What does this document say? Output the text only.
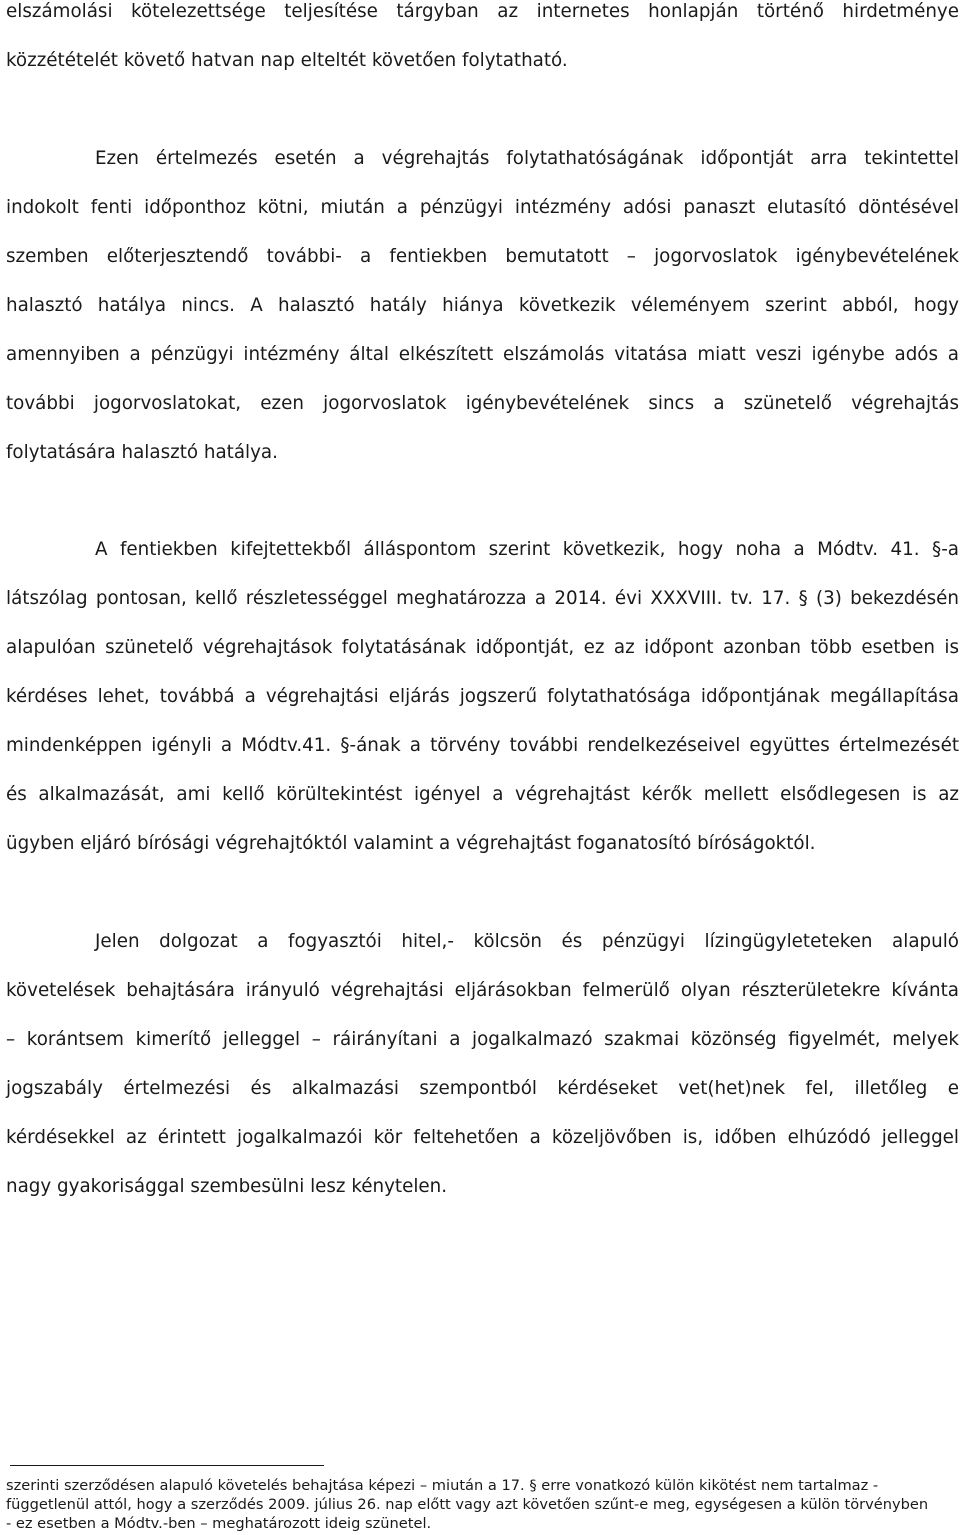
elszámolási kötelezettsége teljesítése tárgyban az internetes honlapján történő hirdetménye
közzétételét követő hatvan nap elteltét követően folytatható.
Ezen értelmezés esetén a végrehajtás folytathatóságának időpontját arra tekintettel
indokolt fenti időponthoz kötni, miután a pénzügyi intézmény adósi panaszt elutasító döntésével
szemben előterjesztendő további- a fentiekben bemutatott – jogorvoslatok igénybevételének
halasztó hatálya nincs. A halasztó hatály hiánya következik véleményem szerint abból, hogy
amennyiben a pénzügyi intézmény által elkészített elszámolás vitatása miatt veszi igénybe adós a
további jogorvoslatokat, ezen jogorvoslatok igénybevételének sincs a szünetelő végrehajtás
folytatására halasztó hatálya.
A fentiekben kifejtettekből álláspontom szerint következik, hogy noha a Módtv. 41. §-a
látszólag pontosan, kellő részletességgel meghatározza a 2014. évi XXXVIII. tv. 17. § (3) bekezdésén
alapulóan szünetelő végrehajtások folytatásának időpontját, ez az időpont azonban több esetben is
kérdéses lehet, továbbá a végrehajtási eljárás jogszerű folytathatósága időpontjának megállapítása
mindenképpen igényli a Módtv.41. §-ának a törvény további rendelkezéseivel együttes értelmezését
és alkalmazását, ami kellő körültekintést igényel a végrehajtást kérők mellett elsődlegesen is az
ügyben eljáró bírósági végrehajtóktól valamint a végrehajtást foganatosító bíróságoktól.
Jelen dolgozat a fogyasztói hitel,- kölcsön és pénzügyi lízingügyleteteken alapuló
követelések behajtására irányuló végrehajtási eljárásokban felmerülő olyan részterületekre kívánta
– korántsem kimerítő jelleggel – ráirányítani a jogalkalmazó szakmai közönség figyelmét, melyek
jogszabály értelmezési és alkalmazási szempontból kérdéseket vet(het)nek fel, illetőleg e
kérdésekkel az érintett jogalkalmazói kör feltehetően a közeljövőben is, időben elhúzódó jelleggel
nagy gyakorisággal szembesülni lesz kénytelen.
szerinti szerződésen alapuló követelés behajtása képezi – miután a 17. § erre vonatkozó külön kikötést nem tartalmaz -
függetlenül attól, hogy a szerződés 2009. július 26. nap előtt vagy azt követően szűnt-e meg, egységesen a külön törvényben
- ez esetben a Módtv.-ben – meghatározott ideig szünetel.
